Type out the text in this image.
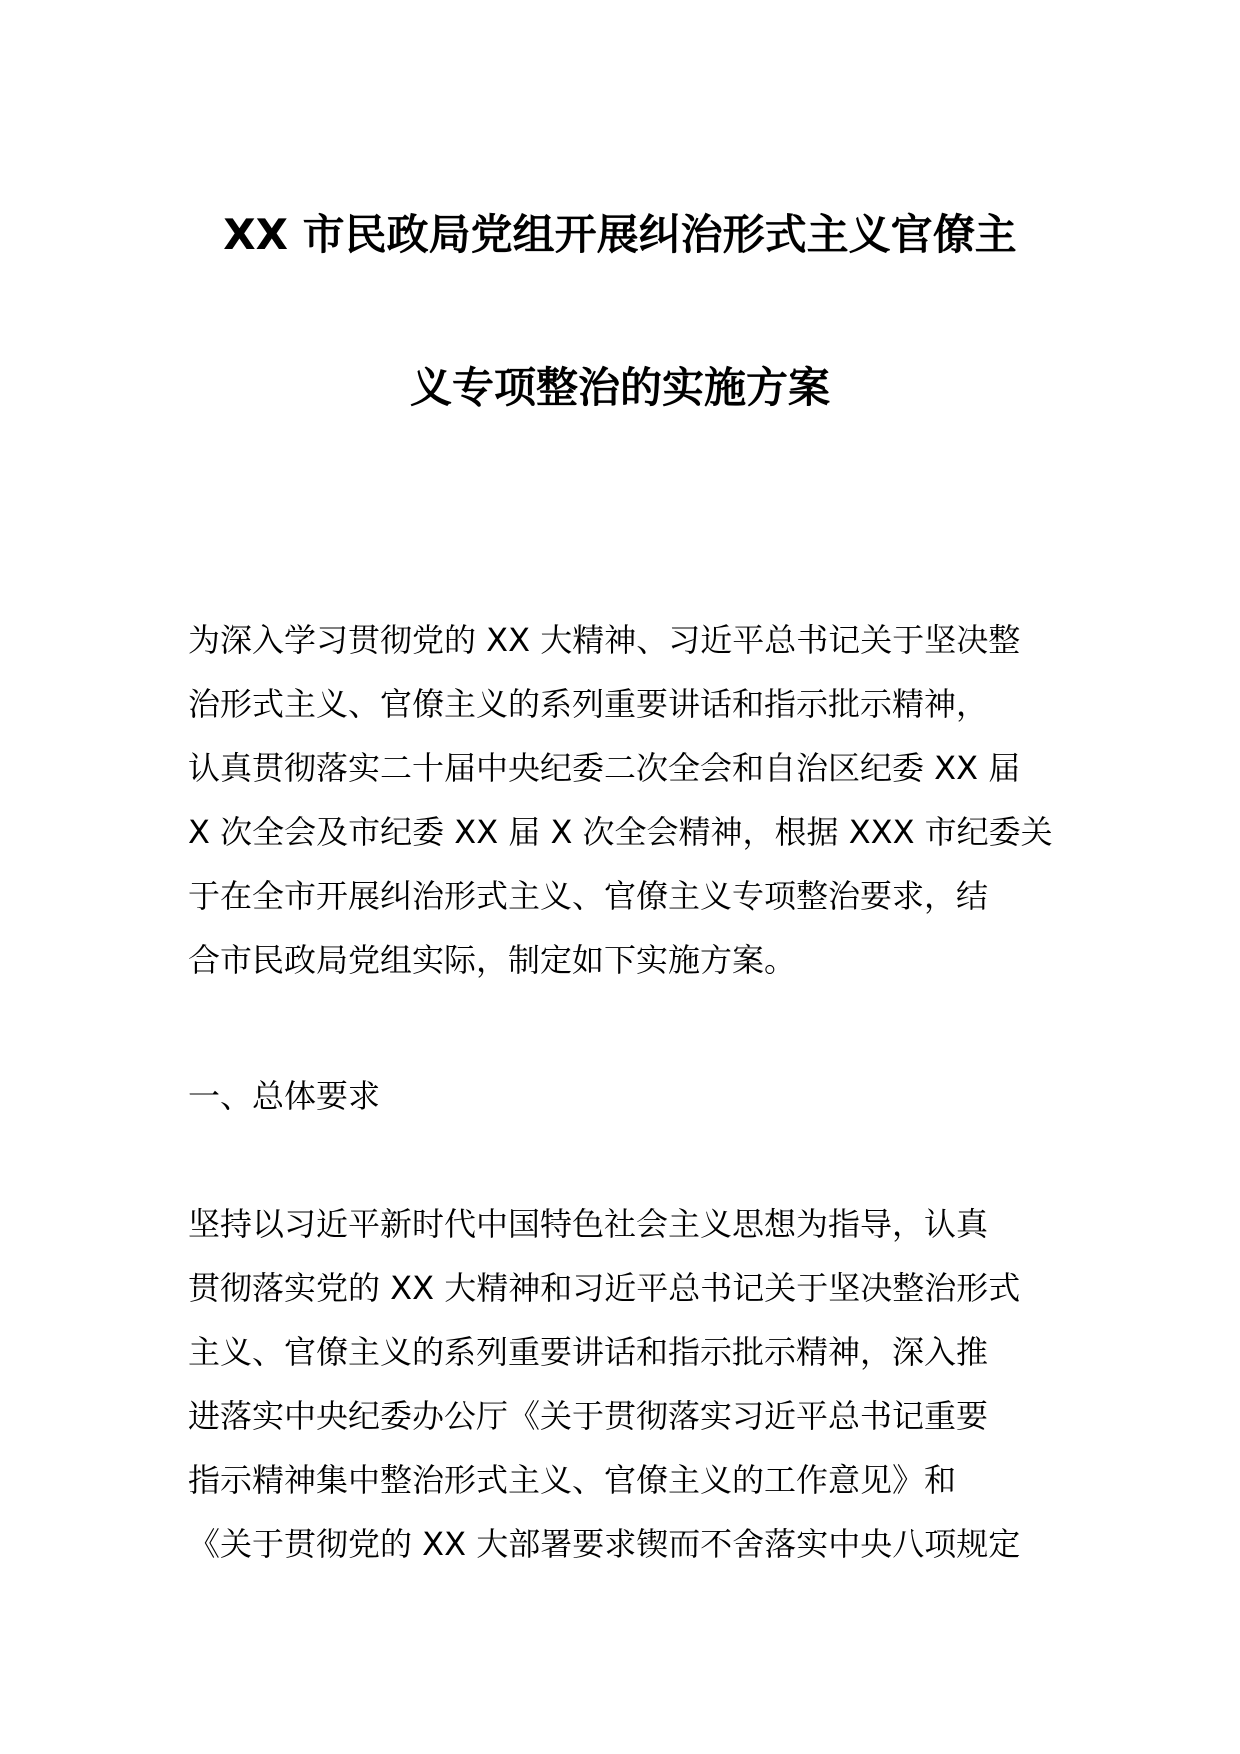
XX 市民政局党组开展纠治形式主义官僚主
义专项整治的实施方案
为深入学习贯彻党的 XX 大精神、习近平总书记关于坚决整
治形式主义、官僚主义的系列重要讲话和指示批示精神，
认真贯彻落实二十届中央纪委二次全会和自治区纪委 XX 届
X 次全会及市纪委 XX 届 X 次全会精神，根据 XXX 市纪委关
于在全市开展纠治形式主义、官僚主义专项整治要求，结
合市民政局党组实际，制定如下实施方案。
一、总体要求
坚持以习近平新时代中国特色社会主义思想为指导，认真
贯彻落实党的 XX 大精神和习近平总书记关于坚决整治形式
主义、官僚主义的系列重要讲话和指示批示精神，深入推
进落实中央纪委办公厅《关于贯彻落实习近平总书记重要
指示精神集中整治形式主义、官僚主义的工作意见》和
《关于贯彻党的 XX 大部署要求锲而不舍落实中央八项规定
